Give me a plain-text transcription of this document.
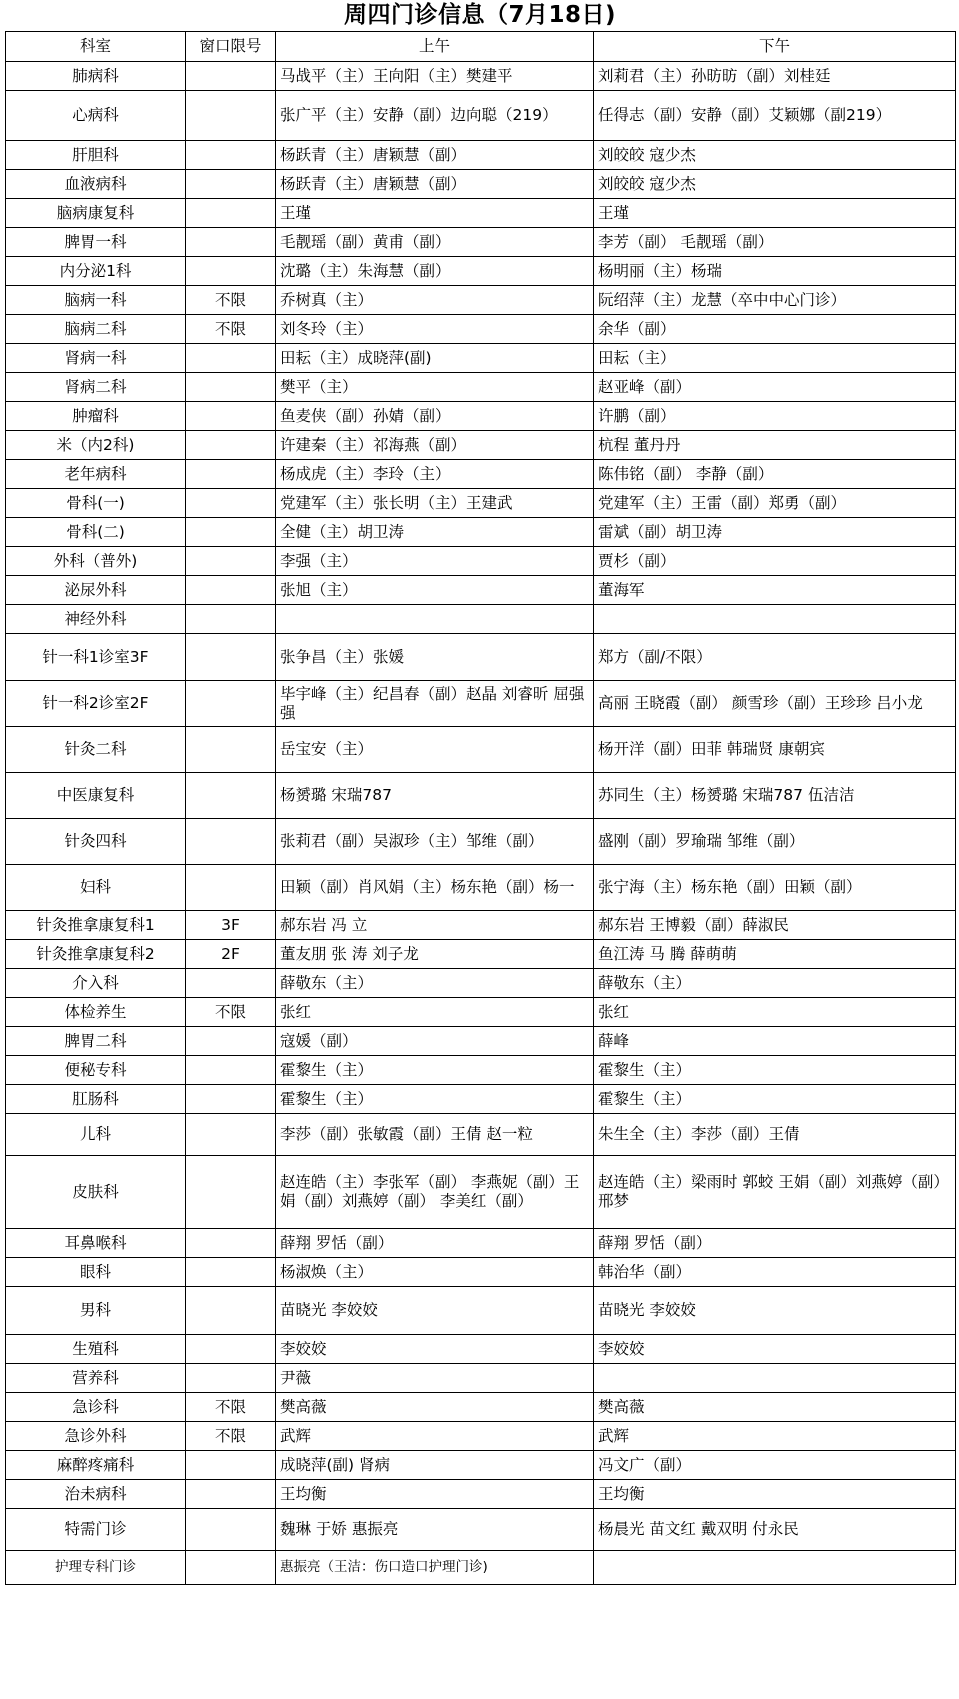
周四门诊信息（7月18日)
科室	窗口限号	上午	下午
肺病科		马战平（主）王向阳（主）樊建平	刘莉君（主）孙昉昉（副）刘桂廷
心病科		张广平（主）安静（副）边向聪（219）	任得志（副）安静（副）艾颖娜（副219）
肝胆科		杨跃青（主）唐颖慧（副）	刘皎皎 寇少杰
血液病科		杨跃青（主）唐颖慧（副）	刘皎皎 寇少杰
脑病康复科		王瑾	王瑾
脾胃一科		毛靓瑶（副）黄甫（副）	李芳（副） 毛靓瑶（副）
内分泌1科		沈璐（主）朱海慧（副）	杨明丽（主）杨瑞
脑病一科	不限	乔树真（主）	阮绍萍（主）龙慧（卒中中心门诊）
脑病二科	不限	刘冬玲（主）	余华（副）
肾病一科		田耘（主）成晓萍(副)	田耘（主）
肾病二科		樊平（主）	赵亚峰（副）
肿瘤科		鱼麦侠（副）孙婧（副）	许鹏（副）
米（内2科)		许建秦（主）祁海燕（副）	杭程 董丹丹
老年病科		杨成虎（主）李玲（主）	陈伟铭（副） 李静（副）
骨科(一)		党建军（主）张长明（主）王建武	党建军（主）王雷（副）郑勇（副）
骨科(二)		全健（主）胡卫涛	雷斌（副）胡卫涛
外科（普外)		李强（主）	贾杉（副）
泌尿外科		张旭（主）	董海军
神经外科			
针一科1诊室3F		张争昌（主）张媛	郑方（副/不限）
针一科2诊室2F		毕宇峰（主）纪昌春（副）赵晶 刘睿昕 屈强强	高丽 王晓霞（副） 颜雪珍（副）王珍珍 吕小龙
针灸二科		岳宝安（主）	杨开洋（副）田菲 韩瑞贤 康朝宾
中医康复科		杨赟璐 宋瑞787	苏同生（主）杨赟璐 宋瑞787 伍洁洁
针灸四科		张莉君（副）吴淑珍（主）邹维（副）	盛刚（副）罗瑜瑞 邹维（副）
妇科		田颖（副）肖风娟（主）杨东艳（副）杨一	张宁海（主）杨东艳（副）田颖（副）
针灸推拿康复科1	3F	郝东岩 冯 立	郝东岩 王博毅（副）薛淑民
针灸推拿康复科2	2F	董友朋 张 涛 刘子龙	鱼江涛 马 腾 薛萌萌
介入科		薛敬东（主）	薛敬东（主）
体检养生	不限	张红	张红
脾胃二科		寇媛（副）	薛峰
便秘专科		霍黎生（主）	霍黎生（主）
肛肠科		霍黎生（主）	霍黎生（主）
儿科		李莎（副）张敏霞（副）王倩 赵一粒	朱生全（主）李莎（副）王倩
皮肤科		赵连皓（主）李张军（副） 李燕妮（副）王娟（副）刘燕婷（副） 李美红（副）	赵连皓（主）梁雨时 郭蛟 王娟（副）刘燕婷（副） 邢梦
耳鼻喉科		薛翔 罗恬（副）	薛翔 罗恬（副）
眼科		杨淑焕（主）	韩治华（副）
男科		苗晓光 李姣姣	苗晓光 李姣姣
生殖科		李姣姣	李姣姣
营养科		尹薇	
急诊科	不限	樊高薇	樊高薇
急诊外科	不限	武辉	武辉
麻醉疼痛科		成晓萍(副) 肾病	冯文广（副）
治未病科		王均衡	王均衡
特需门诊		魏琳 于娇 惠振亮	杨晨光 苗文红 戴双明 付永民
护理专科门诊		惠振亮（王洁：伤口造口护理门诊)	
